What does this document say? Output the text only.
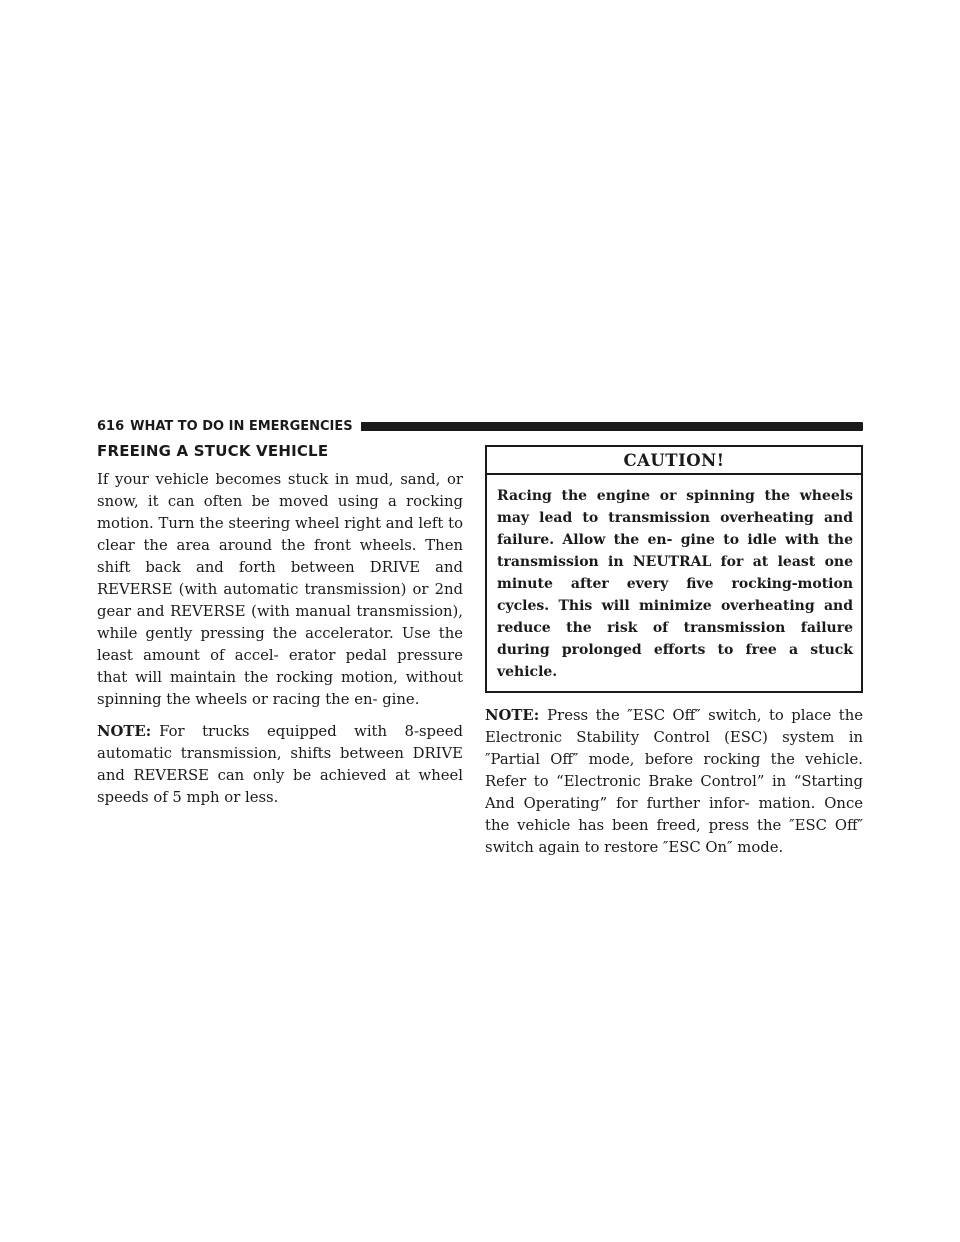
616 WHAT TO DO IN EMERGENCIES
FREEING A STUCK VEHICLE

If your vehicle becomes stuck in mud, sand, or snow, it can often be moved using a rocking motion. Turn the steering wheel right and left to clear the area around the front wheels. Then shift back and forth between DRIVE and REVERSE (with automatic transmission) or 2nd gear and REVERSE (with manual transmission), while gently pressing the accelerator. Use the least amount of accel- erator pedal pressure that will maintain the rocking motion, without spinning the wheels or racing the en- gine.

NOTE: For trucks equipped with 8-speed automatic transmission, shifts between DRIVE and REVERSE can only be achieved at wheel speeds of 5 mph or less.

CAUTION!
Racing the engine or spinning the wheels may lead to transmission overheating and failure. Allow the en- gine to idle with the transmission in NEUTRAL for at least one minute after every five rocking-motion cycles. This will minimize overheating and reduce the risk of transmission failure during prolonged efforts to free a stuck vehicle.

NOTE: Press the ″ESC Off″ switch, to place the Electronic Stability Control (ESC) system in ″Partial Off″ mode, before rocking the vehicle. Refer to “Electronic Brake Control” in “Starting And Operating” for further infor- mation. Once the vehicle has been freed, press the ″ESC Off″ switch again to restore ″ESC On″ mode.
